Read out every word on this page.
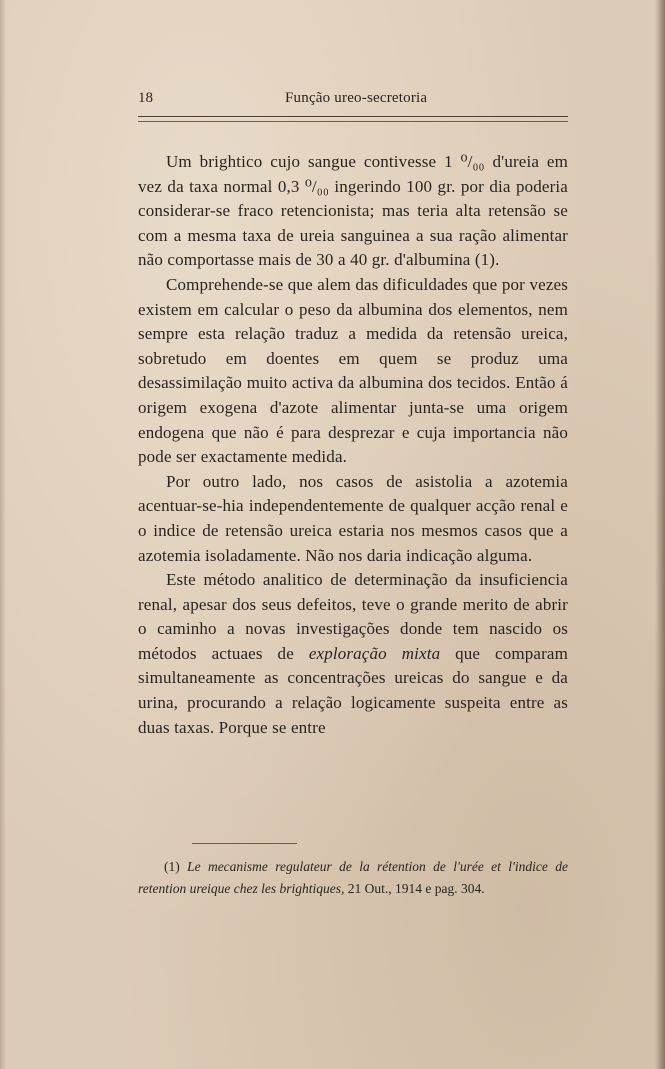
18	Função ureo-secretoria

Um brightico cujo sangue contivesse 1 ⁰/₀₀ d'ureia em vez da taxa normal 0,3 ⁰/₀₀ ingerindo 100 gr. por dia poderia considerar-se fraco retencionista; mas teria alta retensão se com a mesma taxa de ureia sanguinea a sua ração alimentar não comportasse mais de 30 a 40 gr. d'albumina (1).

Comprehende-se que alem das dificuldades que por vezes existem em calcular o peso da albumina dos elementos, nem sempre esta relação traduz a medida da retensão ureica, sobretudo em doentes em quem se produz uma desassimilação muito activa da albumina dos tecidos. Então á origem exogena d'azote alimentar junta-se uma origem endogena que não é para desprezar e cuja importancia não pode ser exactamente medida.

Por outro lado, nos casos de asistolia a azotemia acentuar-se-hia independentemente de qualquer acção renal e o indice de retensão ureica estaria nos mesmos casos que a azotemia isoladamente. Não nos daria indicação alguma.

Este método analitico de determinação da insuficiencia renal, apesar dos seus defeitos, teve o grande merito de abrir o caminho a novas investigações donde tem nascido os métodos actuaes de exploração mixta que comparam simultaneamente as concentrações ureicas do sangue e da urina, procurando a relação logicamente suspeita entre as duas taxas. Porque se entre

(1) Le mecanisme regulateur de la rétention de l'urée et l'indice de retention ureique chez les brightiques, 21 Out., 1914 e pag. 304.
